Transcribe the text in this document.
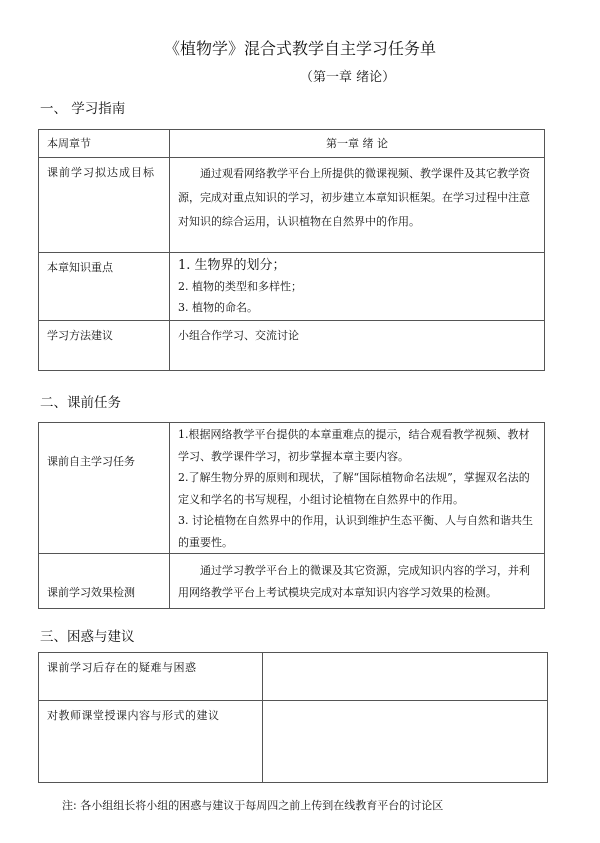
《植物学》混合式教学自主学习任务单
（第一章 绪论）
一、 学习指南
本周章节	第一章 绪 论
课前学习拟达成目标	通过观看网络教学平台上所提供的微课视频、教学课件及其它教学资源，完成对重点知识的学习，初步建立本章知识框架。在学习过程中注意对知识的综合运用，认识植物在自然界中的作用。
本章知识重点	1. 生物界的划分；

2. 植物的类型和多样性；

3. 植物的命名。

学习方法建议	小组合作学习、交流讨论
二、课前任务
课前自主学习任务	1.根据网络教学平台提供的本章重难点的提示，结合观看教学视频、教材学习、教学课件学习，初步掌握本章主要内容。

2.了解生物分界的原则和现状，了解“国际植物命名法规”，掌握双名法的定义和学名的书写规程，小组讨论植物在自然界中的作用。

3. 讨论植物在自然界中的作用，认识到维护生态平衡、人与自然和谐共生的重要性。

课前学习效果检测	通过学习教学平台上的微课及其它资源，完成知识内容的学习，并利用网络教学平台上考试模块完成对本章知识内容学习效果的检测。
三、困惑与建议
课前学习后存在的疑难与困惑	
对教师课堂授课内容与形式的建议	
注: 各小组组长将小组的困惑与建议于每周四之前上传到在线教育平台的讨论区
